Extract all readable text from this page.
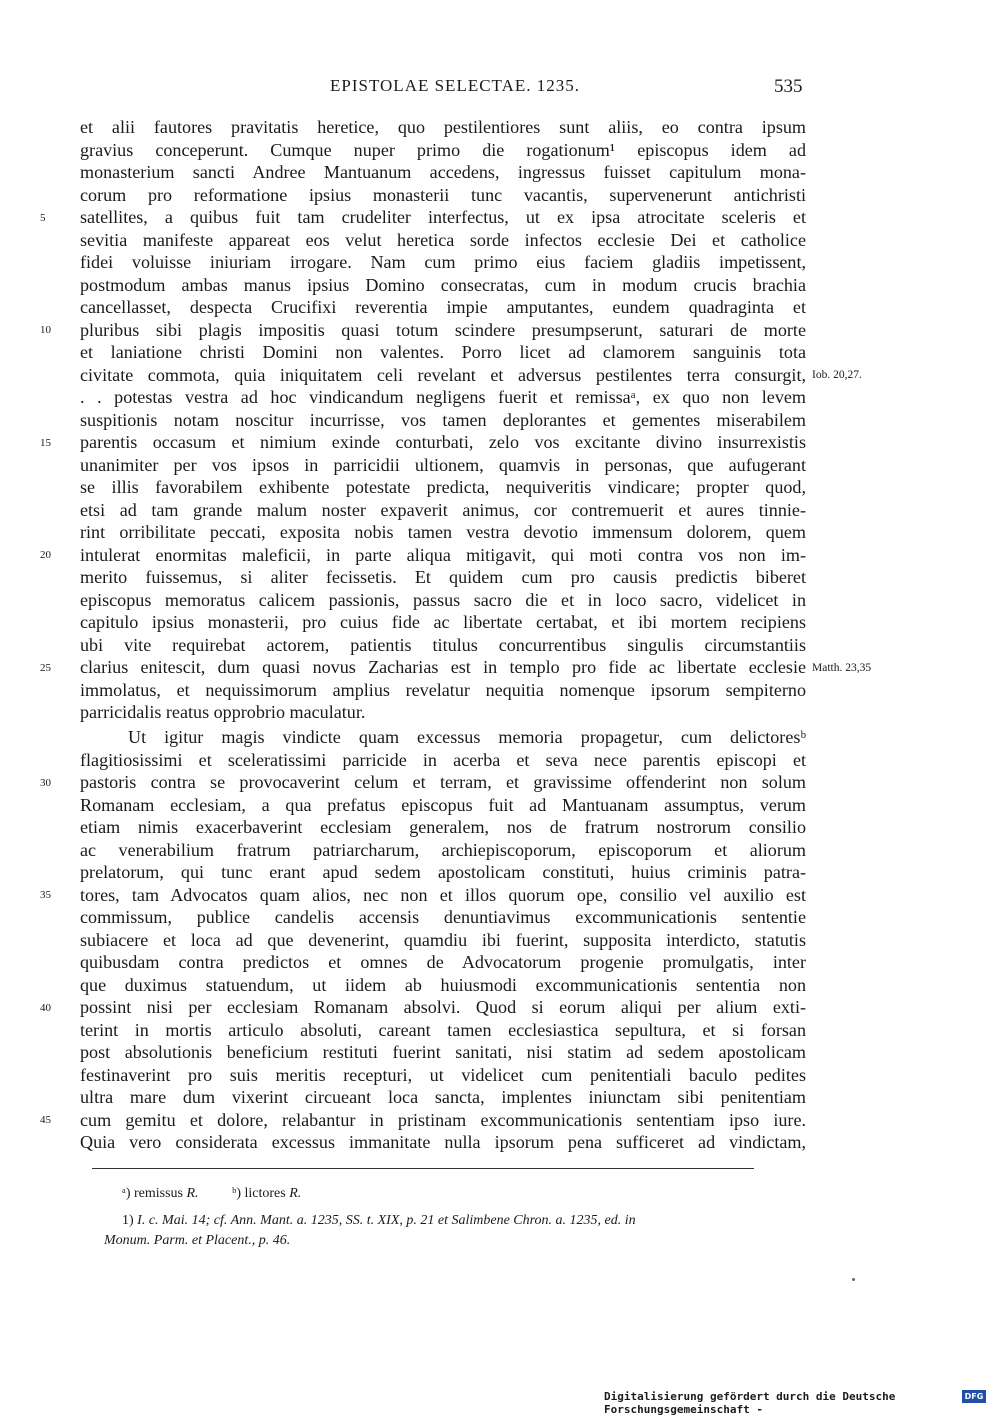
EPISTOLAE SELECTAE. 1235.	535
et alii fautores pravitatis heretice, quo pestilentiores sunt aliis, eo contra ipsum
gravius conceperunt. Cumque nuper primo die rogationum¹ episcopus idem ad
monasterium sancti Andree Mantuanum accedens, ingressus fuisset capitulum mona-
corum pro reformatione ipsius monasterii tunc vacantis, supervenerunt antichristi
satellites, a quibus fuit tam crudeliter interfectus, ut ex ipsa atrocitate sceleris et
sevitia manifeste appareat eos velut heretica sorde infectos ecclesie Dei et catholice
fidei voluisse iniuriam irrogare. Nam cum primo eius faciem gladiis impetissent,
postmodum ambas manus ipsius Domino consecratas, cum in modum crucis brachia
cancellasset, despecta Crucifixi reverentia impie amputantes, eundem quadraginta et
pluribus sibi plagis impositis quasi totum scindere presumpserunt, saturari de morte
et laniatione christi Domini non valentes. Porro licet ad clamorem sanguinis tota
civitate commota, quia iniquitatem celi revelant et adversus pestilentes terra consurgit,
. . potestas vestra ad hoc vindicandum negligens fuerit et remissaᵃ, ex quo non levem
suspitionis notam noscitur incurrisse, vos tamen deplorantes et gementes miserabilem
parentis occasum et nimium exinde conturbati, zelo vos excitante divino insurrexistis
unanimiter per vos ipsos in parricidii ultionem, quamvis in personas, que aufugerant
se illis favorabilem exhibente potestate predicta, nequiveritis vindicare; propter quod,
etsi ad tam grande malum noster expaverit animus, cor contremuerit et aures tinnie-
rint orribilitate peccati, exposita nobis tamen vestra devotio immensum dolorem, quem
intulerat enormitas maleficii, in parte aliqua mitigavit, qui moti contra vos non im-
merito fuissemus, si aliter fecissetis. Et quidem cum pro causis predictis biberet
episcopus memoratus calicem passionis, passus sacro die et in loco sacro, videlicet in
capitulo ipsius monasterii, pro cuius fide ac libertate certabat, et ibi mortem recipiens
ubi vite requirebat actorem, patientis titulus concurrentibus singulis circumstantiis
clarius enitescit, dum quasi novus Zacharias est in templo pro fide ac libertate ecclesie
immolatus, et nequissimorum amplius revelatur nequitia nomenque ipsorum sempiterno
parricidalis reatus opprobrio maculatur.
Ut igitur magis vindicte quam excessus memoria propagetur, cum delictoresᵇ
flagitiosissimi et sceleratissimi parricide in acerba et seva nece parentis episcopi et
pastoris contra se provocaverint celum et terram, et gravissime offenderint non solum
Romanam ecclesiam, a qua prefatus episcopus fuit ad Mantuanam assumptus, verum
etiam nimis exacerbaverint ecclesiam generalem, nos de fratrum nostrorum consilio
ac venerabilium fratrum patriarcharum, archiepiscoporum, episcoporum et aliorum
prelatorum, qui tunc erant apud sedem apostolicam constituti, huius criminis patra-
tores, tam Advocatos quam alios, nec non et illos quorum ope, consilio vel auxilio est
commissum, publice candelis accensis denuntiavimus excommunicationis sententie
subiacere et loca ad que devenerint, quamdiu ibi fuerint, supposita interdicto, statutis
quibusdam contra predictos et omnes de Advocatorum progenie promulgatis, inter
que duximus statuendum, ut iidem ab huiusmodi excommunicationis sententia non
possint nisi per ecclesiam Romanam absolvi. Quod si eorum aliqui per alium exti-
terint in mortis articulo absoluti, careant tamen ecclesiastica sepultura, et si forsan
post absolutionis beneficium restituti fuerint sanitati, nisi statim ad sedem apostolicam
festinaverint pro suis meritis recepturi, ut videlicet cum penitentiali baculo pedites
ultra mare dum vixerint circueant loca sancta, implentes iniunctam sibi penitentiam
cum gemitu et dolore, relabantur in pristinam excommunicationis sententiam ipso iure.
Quia vero considerata excessus immanitate nulla ipsorum pena sufficeret ad vindictam,
5
10
15
20
25
30
35
40
45
Iob. 20,27.
Matth. 23,35
ᵃ) remissus R. ᵇ) lictores R.
1) I. c. Mai. 14; cf. Ann. Mant. a. 1235, SS. t. XIX, p. 21 et Salimbene Chron. a. 1235, ed. in
Monum. Parm. et Placent., p. 46.
Digitalisierung gefördert durch die Deutsche Forschungsgemeinschaft -
DFG
